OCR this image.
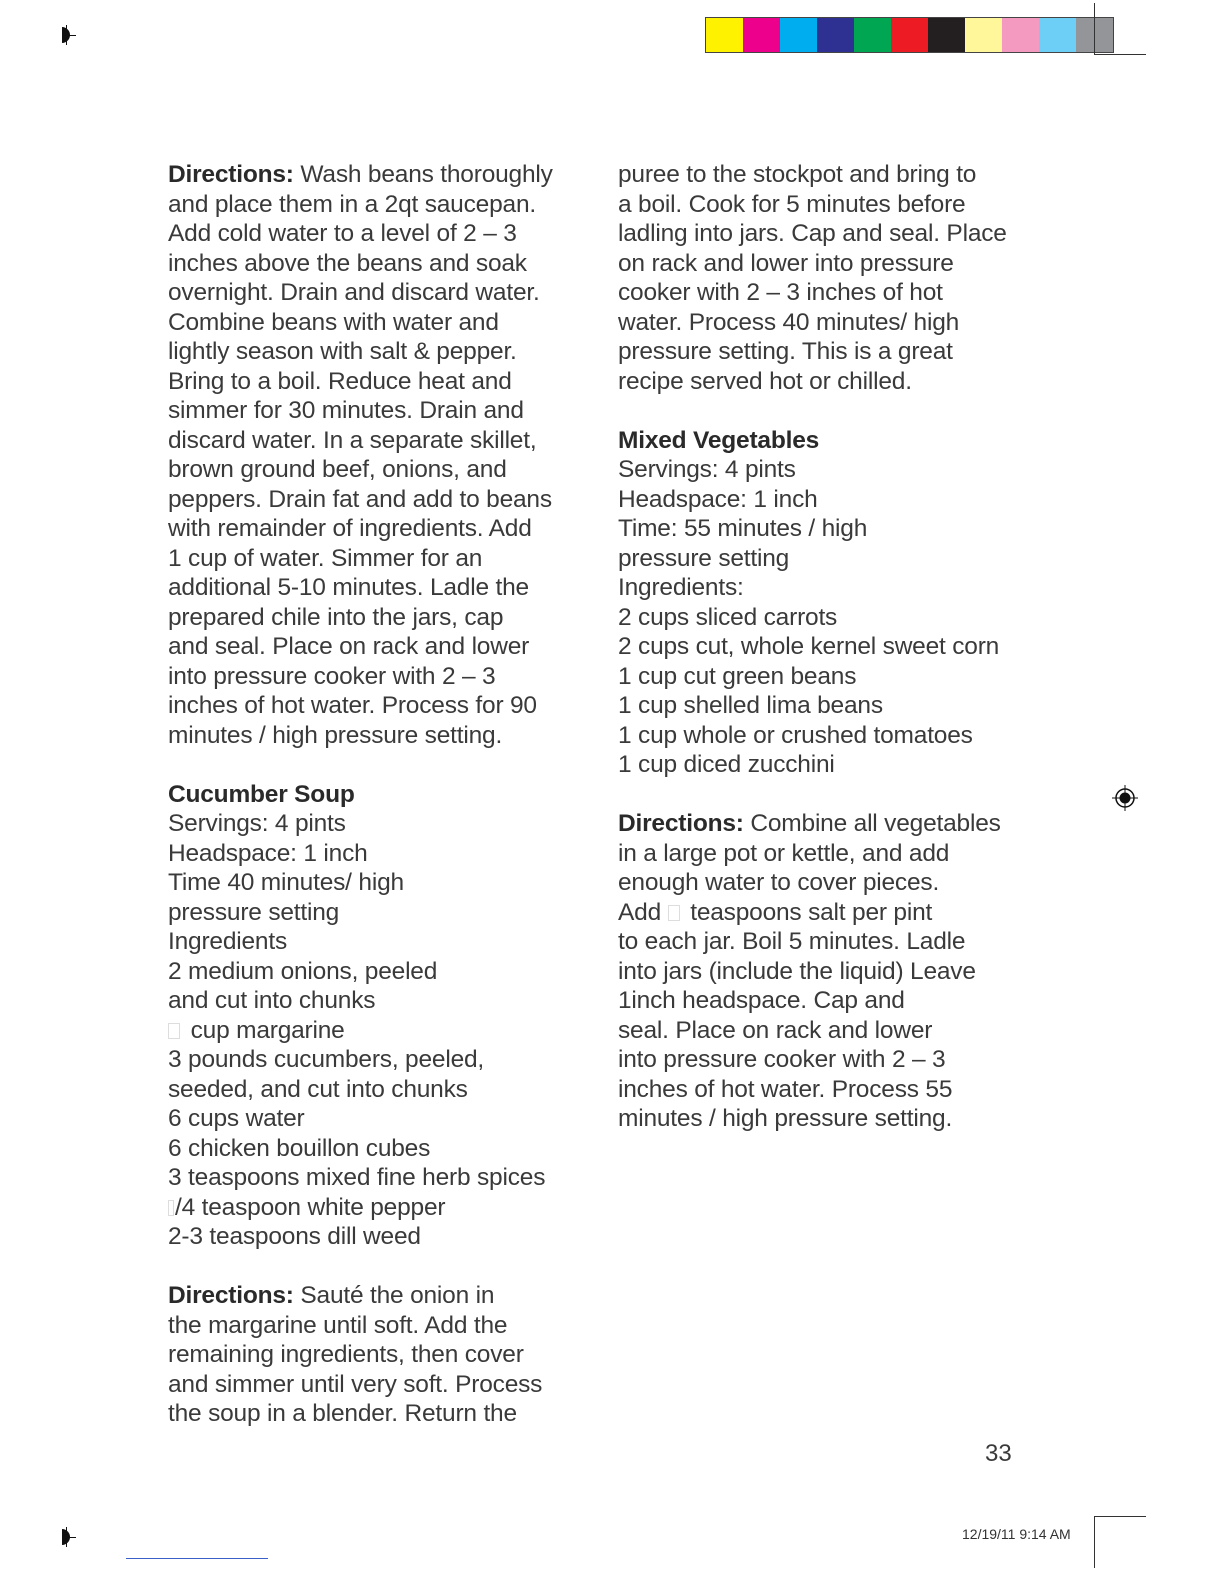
Directions: Wash beans thoroughly
and place them in a 2qt saucepan.
Add cold water to a level of 2 – 3
inches above the beans and soak
overnight. Drain and discard water.
Combine beans with water and
lightly season with salt & pepper.
Bring to a boil. Reduce heat and
simmer for 30 minutes. Drain and
discard water. In a separate skillet,
brown ground beef, onions, and
peppers. Drain fat and add to beans
with remainder of ingredients. Add
1 cup of water. Simmer for an
additional 5-10 minutes. Ladle the
prepared chile into the jars, cap
and seal. Place on rack and lower
into pressure cooker with 2 – 3
inches of hot water. Process for 90
minutes / high pressure setting.

Cucumber Soup

Servings: 4 pints
Headspace: 1 inch
Time 40 minutes/ high
pressure setting
Ingredients
2 medium onions, peeled
and cut into chunks
cup margarine
3 pounds cucumbers, peeled,
seeded, and cut into chunks
6 cups water
6 chicken bouillon cubes
3 teaspoons mixed fine herb spices
/4 teaspoon white pepper
2-3 teaspoons dill weed

Directions: Sauté the onion in
the margarine until soft. Add the
remaining ingredients, then cover
and simmer until very soft. Process
the soup in a blender. Return the

puree to the stockpot and bring to
a boil. Cook for 5 minutes before
ladling into jars. Cap and seal. Place
on rack and lower into pressure
cooker with 2 – 3 inches of hot
water. Process 40 minutes/ high
pressure setting. This is a great
recipe served hot or chilled.

Mixed Vegetables

Servings: 4 pints
Headspace: 1 inch
Time: 55 minutes / high
pressure setting
Ingredients:
2 cups sliced carrots
2 cups cut, whole kernel sweet corn
1 cup cut green beans
1 cup shelled lima beans
1 cup whole or crushed tomatoes
1 cup diced zucchini

Directions: Combine all vegetables
in a large pot or kettle, and add
enough water to cover pieces.
Add  teaspoons salt per pint
to each jar. Boil 5 minutes. Ladle
into jars (include the liquid) Leave
1inch headspace. Cap and
seal. Place on rack and lower
into pressure cooker with 2 – 3
inches of hot water. Process 55
minutes / high pressure setting.

33
12/19/11 9:14 AM
